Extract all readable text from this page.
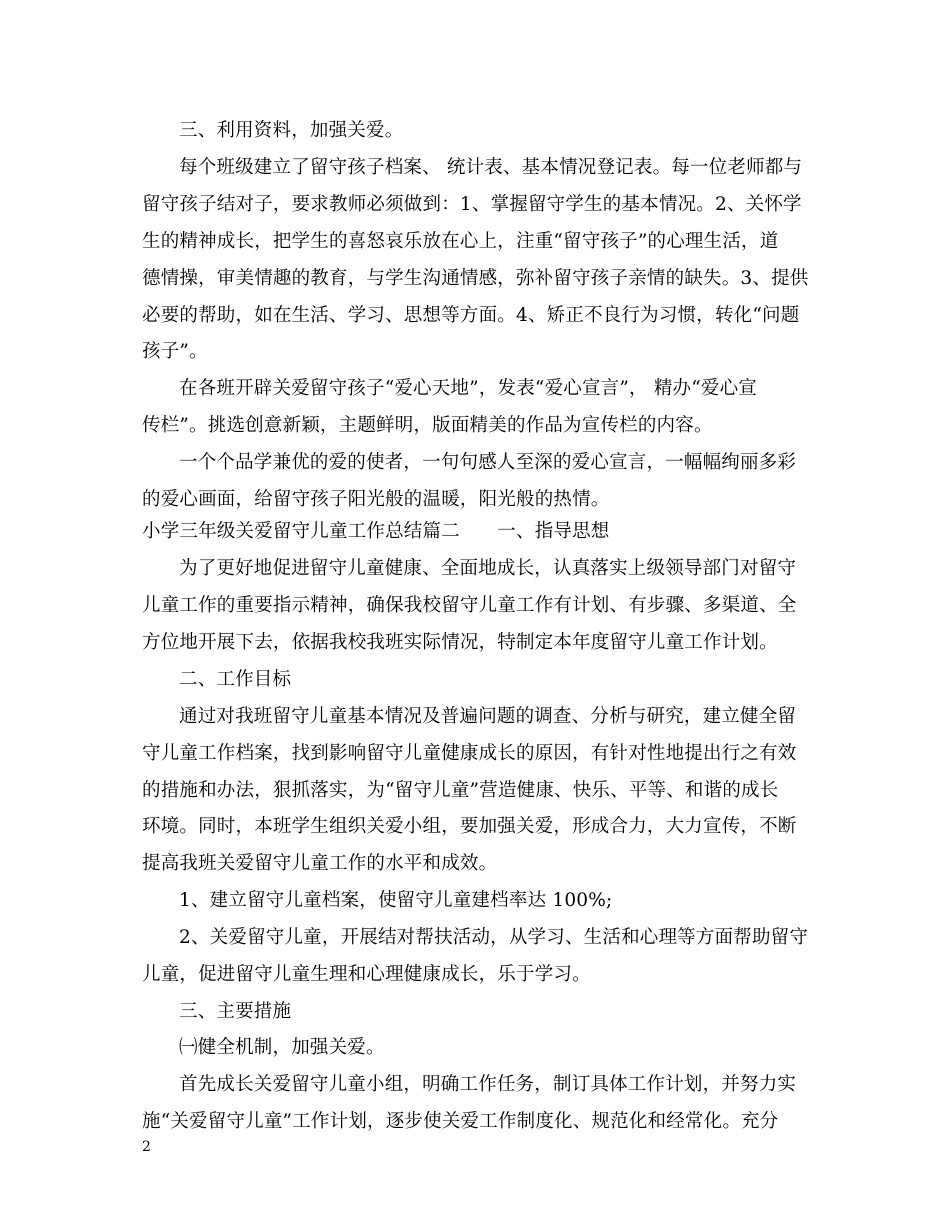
三、利用资料，加强关爱。
每个班级建立了留守孩子档案、 统计表、基本情况登记表。每一位老师都与
留守孩子结对子，要求教师必须做到：1、掌握留守学生的基本情况。2、关怀学
生的精神成长，把学生的喜怒哀乐放在心上，注重“留守孩子”的心理生活，道
德情操，审美情趣的教育，与学生沟通情感，弥补留守孩子亲情的缺失。3、提供
必要的帮助，如在生活、学习、思想等方面。4、矫正不良行为习惯，转化“问题
孩子”。
在各班开辟关爱留守孩子“爱心天地”，发表“爱心宣言”， 精办“爱心宣
传栏”。挑选创意新颖，主题鲜明，版面精美的作品为宣传栏的内容。
一个个品学兼优的爱的使者，一句句感人至深的爱心宣言，一幅幅绚丽多彩
的爱心画面，给留守孩子阳光般的温暖，阳光般的热情。
小学三年级关爱留守儿童工作总结篇二　　一、指导思想
为了更好地促进留守儿童健康、全面地成长，认真落实上级领导部门对留守
儿童工作的重要指示精神，确保我校留守儿童工作有计划、有步骤、多渠道、全
方位地开展下去，依据我校我班实际情况，特制定本年度留守儿童工作计划。
二、工作目标
通过对我班留守儿童基本情况及普遍问题的调查、分析与研究，建立健全留
守儿童工作档案，找到影响留守儿童健康成长的原因，有针对性地提出行之有效
的措施和办法，狠抓落实，为“留守儿童”营造健康、快乐、平等、和谐的成长
环境。同时，本班学生组织关爱小组，要加强关爱，形成合力，大力宣传，不断
提高我班关爱留守儿童工作的水平和成效。
1、建立留守儿童档案，使留守儿童建档率达 100%;
2、关爱留守儿童，开展结对帮扶活动，从学习、生活和心理等方面帮助留守
儿童，促进留守儿童生理和心理健康成长，乐于学习。
三、主要措施
㈠健全机制，加强关爱。
首先成长关爱留守儿童小组，明确工作任务，制订具体工作计划，并努力实
施“关爱留守儿童”工作计划，逐步使关爱工作制度化、规范化和经常化。充分
2
